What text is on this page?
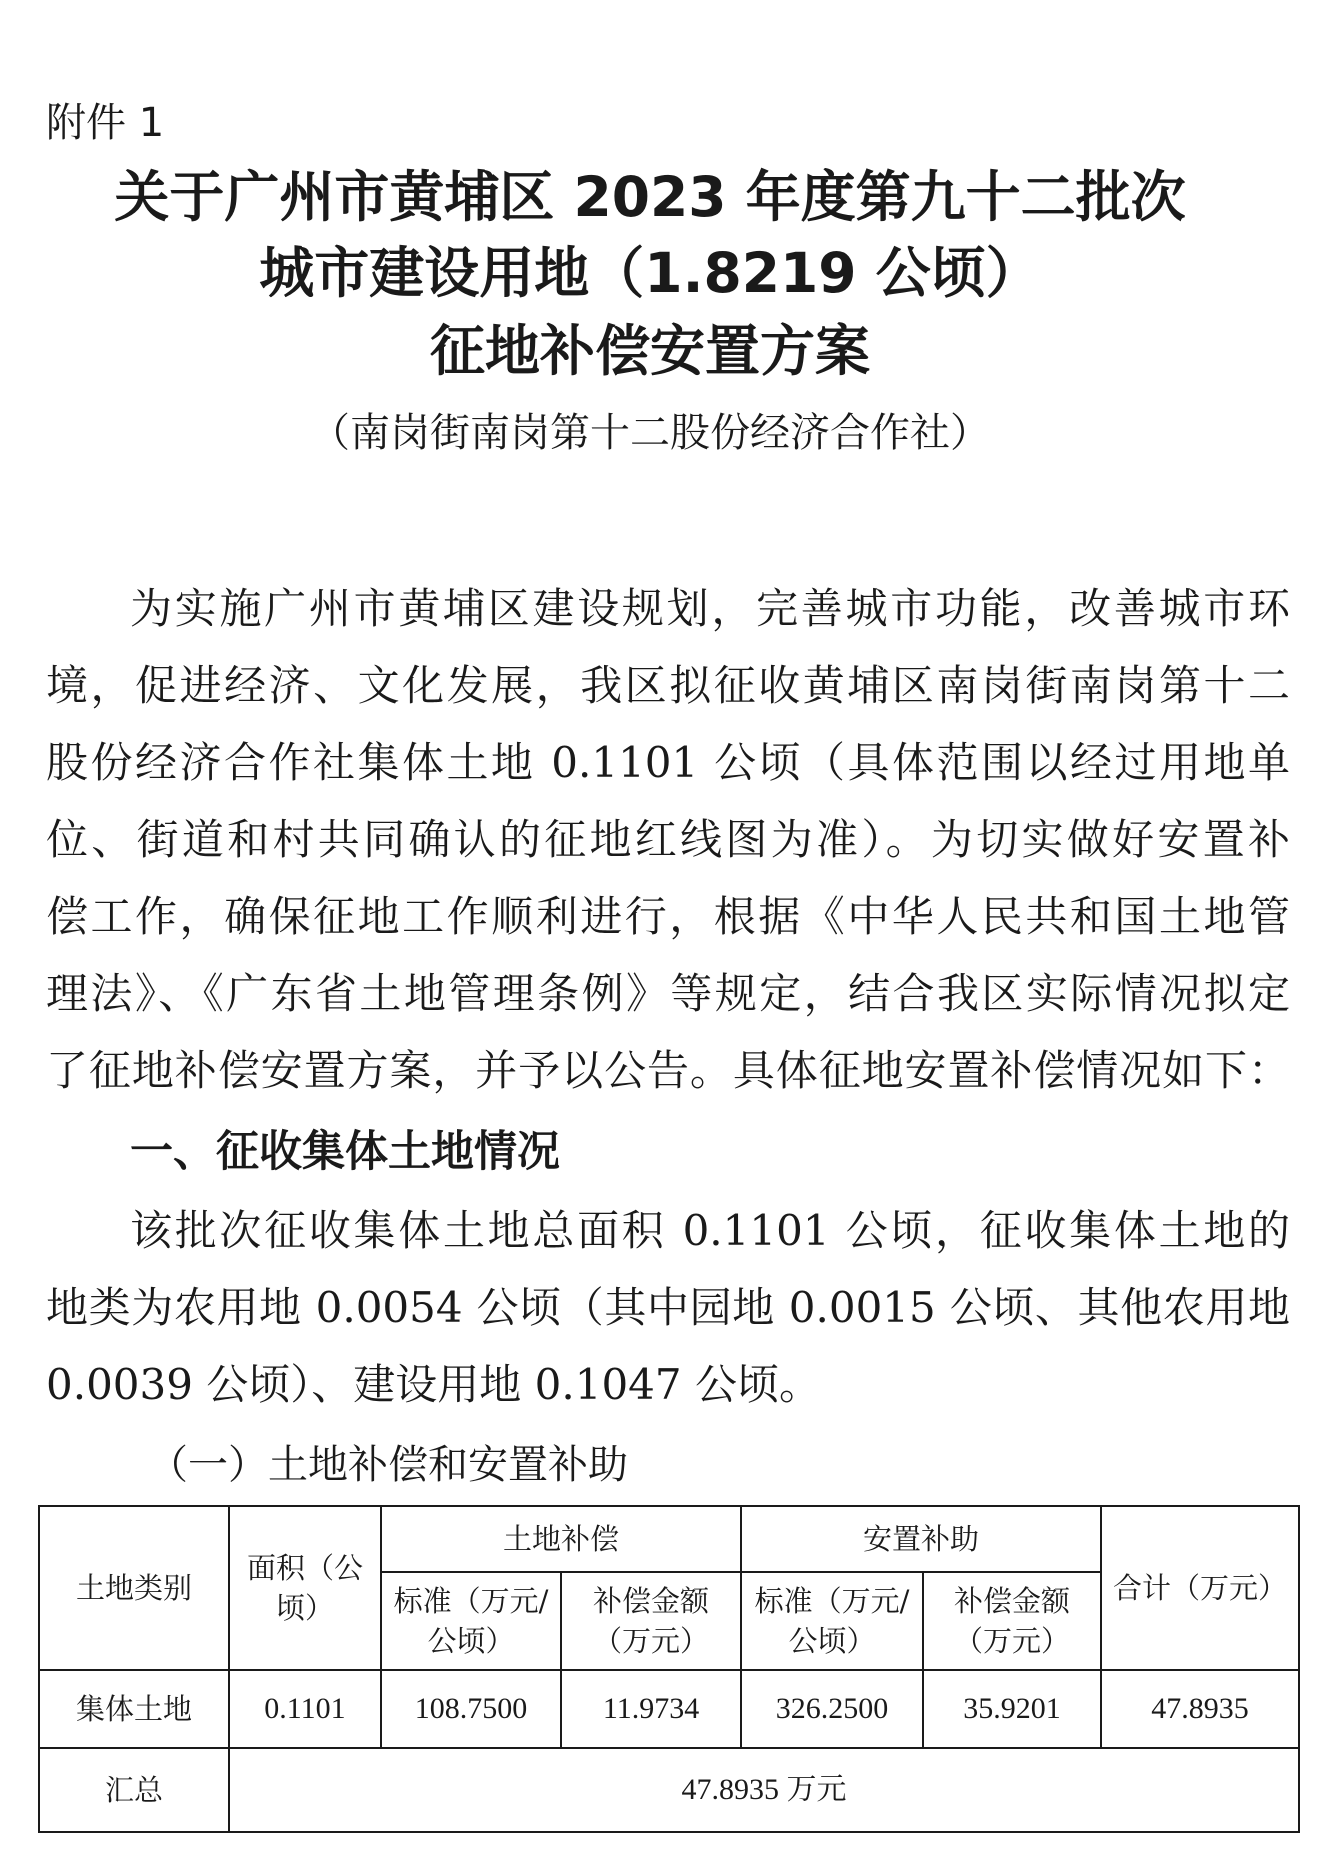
附件 1
关于广州市黄埔区 2023 年度第九十二批次
城市建设用地（1.8219 公顷）
征地补偿安置方案
（南岗街南岗第十二股份经济合作社）
为实施广州市黄埔区建设规划，完善城市功能，改善城市环
境，促进经济、文化发展，我区拟征收黄埔区南岗街南岗第十二
股份经济合作社集体土地 0.1101 公顷（具体范围以经过用地单
位、街道和村共同确认的征地红线图为准）。为切实做好安置补
偿工作，确保征地工作顺利进行，根据《中华人民共和国土地管
理法》、《广东省土地管理条例》等规定，结合我区实际情况拟定
了征地补偿安置方案，并予以公告。具体征地安置补偿情况如下：
一、征收集体土地情况
该批次征收集体土地总面积 0.1101 公顷，征收集体土地的
地类为农用地 0.0054 公顷（其中园地 0.0015 公顷、其他农用地
0.0039 公顷）、建设用地 0.1047 公顷。
（一）土地补偿和安置补助
土地类别	面积（公顷）	土地补偿		安置补助		合计（万元）
		标准（万元/公顷）	补偿金额（万元）	标准（万元/公顷）	补偿金额（万元）	
集体土地	0.1101	108.7500	11.9734	326.2500	35.9201	47.8935
汇总	47.8935 万元					
